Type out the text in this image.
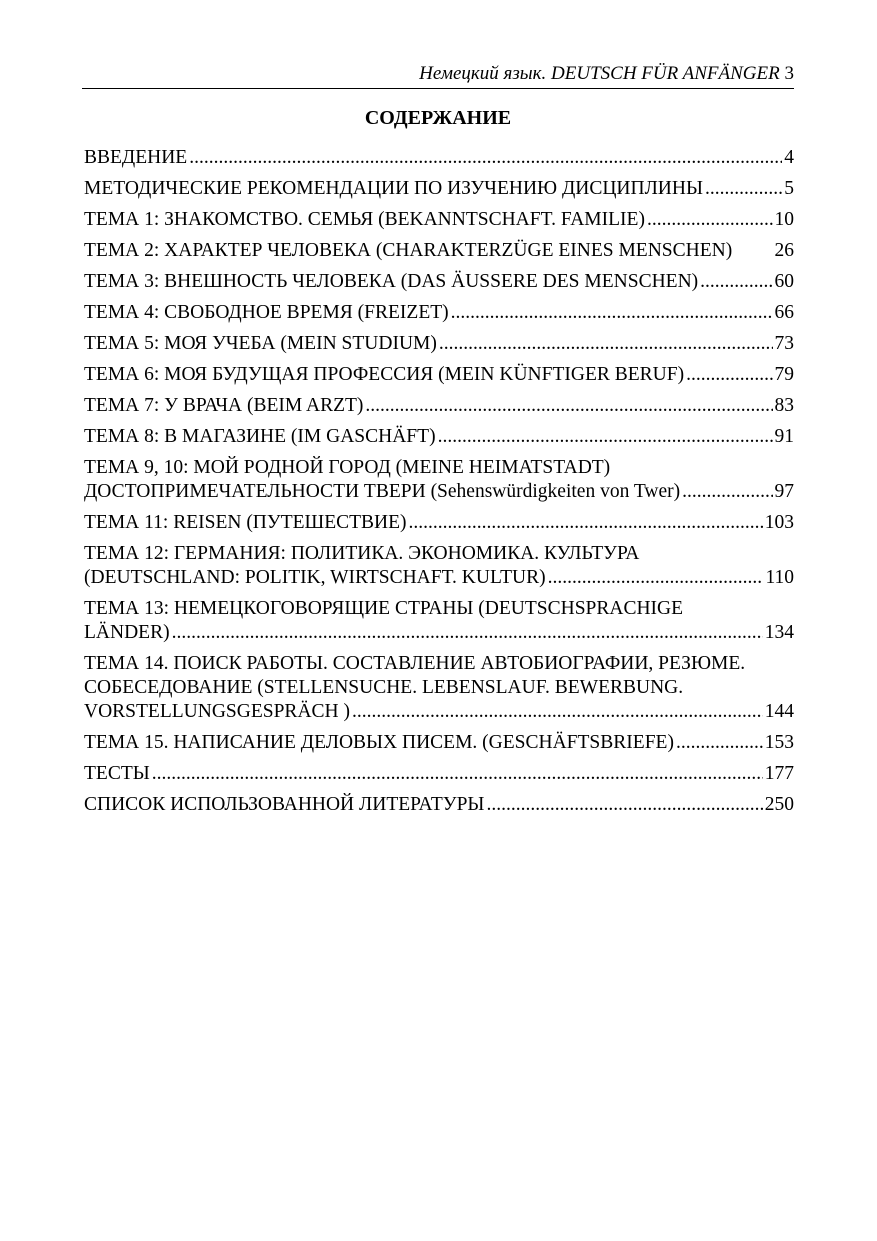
Немецкий язык. DEUTSCH FÜR ANFÄNGER 3
СОДЕРЖАНИЕ
ВВЕДЕНИЕ .....	4
МЕТОДИЧЕСКИЕ РЕКОМЕНДАЦИИ ПО ИЗУЧЕНИЮ ДИСЦИПЛИНЫ .....	5
ТЕМА 1: ЗНАКОМСТВО. СЕМЬЯ (BEKANNTSCHAFT. FAMILIE) .....	10
ТЕМА 2: ХАРАКТЕР ЧЕЛОВЕКА (CHARAKTERZÜGE EINES MENSCHEN) 26
ТЕМА 3: ВНЕШНОСТЬ ЧЕЛОВЕКА (DAS ÄUSSERE DES MENSCHEN) .....	60
ТЕМА 4: СВОБОДНОЕ ВРЕМЯ (FREIZET) .....	66
ТЕМА 5: МОЯ УЧЕБА (MEIN STUDIUM) .....	73
ТЕМА 6: МОЯ БУДУЩАЯ ПРОФЕССИЯ (MEIN KÜNFTIGER BERUF) .....	79
ТЕМА 7: У ВРАЧА (BEIM ARZT) .....	83
ТЕМА 8: В МАГАЗИНЕ (IM GASCHÄFT) .....	91
ТЕМА 9, 10: МОЙ РОДНОЙ ГОРОД (MEINE HEIMATSTADT)
ДОСТОПРИМЕЧАТЕЛЬНОСТИ ТВЕРИ (Sehenswürdigkeiten von Twer) .....	97
ТЕМА 11: REISEN (ПУТЕШЕСТВИЕ) .....	103
ТЕМА 12: ГЕРМАНИЯ: ПОЛИТИКА. ЭКОНОМИКА. КУЛЬТУРА
(DEUTSCHLAND: POLITIK, WIRTSCHAFT. KULTUR) .....	110
ТЕМА 13: НЕМЕЦКОГОВОРЯЩИЕ СТРАНЫ (DEUTSCHSPRACHIGE
LÄNDER) .....	134
ТЕМА 14. ПОИСК РАБОТЫ. СОСТАВЛЕНИЕ АВТОБИОГРАФИИ, РЕЗЮМЕ.
СОБЕСЕДОВАНИЕ (STELLENSUCHE. LEBENSLAUF. BEWERBUNG.
VORSTELLUNGSGESPRÄCH ) .....	144
ТЕМА 15. НАПИСАНИЕ ДЕЛОВЫХ ПИСЕМ. (GESCHÄFTSBRIEFE) .....	153
ТЕСТЫ .....	177
СПИСОК ИСПОЛЬЗОВАННОЙ ЛИТЕРАТУРЫ .....	250
